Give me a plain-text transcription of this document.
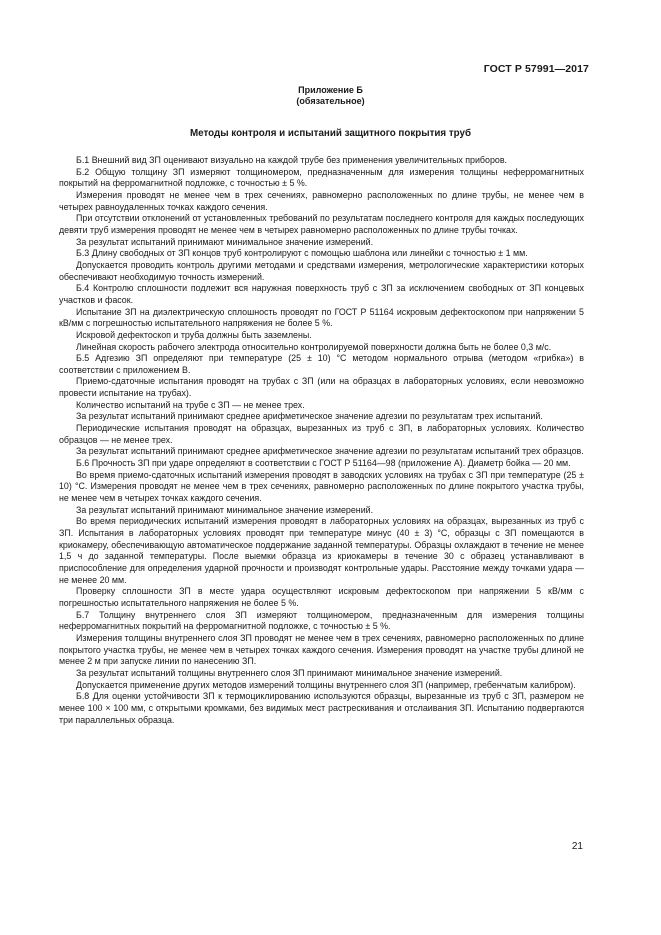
ГОСТ Р 57991—2017
Приложение Б
(обязательное)
Методы контроля и испытаний защитного покрытия труб

Б.1 Внешний вид ЗП оценивают визуально на каждой трубе без применения увеличительных приборов.

Б.2 Общую толщину ЗП измеряют толщиномером, предназначенным для измерения толщины неферромагнитных покрытий на ферромагнитной подложке, с точностью ± 5 %.

Измерения проводят не менее чем в трех сечениях, равномерно расположенных по длине трубы, не менее чем в четырех равноудаленных точках каждого сечения.

При отсутствии отклонений от установленных требований по результатам последнего контроля для каждых последующих девяти труб измерения проводят не менее чем в четырех равномерно расположенных по длине трубы точках.

За результат испытаний принимают минимальное значение измерений.

Б.3 Длину свободных от ЗП концов труб контролируют с помощью шаблона или линейки с точностью ± 1 мм.

Допускается проводить контроль другими методами и средствами измерения, метрологические характеристики которых обеспечивают необходимую точность измерений.

Б.4 Контролю сплошности подлежит вся наружная поверхность труб с ЗП за исключением свободных от ЗП концевых участков и фасок.

Испытание ЗП на диэлектрическую сплошность проводят по ГОСТ Р 51164 искровым дефектоскопом при напряжении 5 кВ/мм с погрешностью испытательного напряжения не более 5 %.

Искровой дефектоскоп и труба должны быть заземлены.

Линейная скорость рабочего электрода относительно контролируемой поверхности должна быть не более 0,3 м/с.

Б.5 Адгезию ЗП определяют при температуре (25 ± 10) °С методом нормального отрыва (методом «грибка») в соответствии с приложением В.

Приемо-сдаточные испытания проводят на трубах с ЗП (или на образцах в лабораторных условиях, если невозможно провести испытание на трубах).

Количество испытаний на трубе с ЗП — не менее трех.

За результат испытаний принимают среднее арифметическое значение адгезии по результатам трех испытаний.

Периодические испытания проводят на образцах, вырезанных из труб с ЗП, в лабораторных условиях. Количество образцов — не менее трех.

За результат испытаний принимают среднее арифметическое значение адгезии по результатам испытаний трех образцов.

Б.6 Прочность ЗП при ударе определяют в соответствии с ГОСТ Р 51164—98 (приложение А). Диаметр бойка — 20 мм.

Во время приемо-сдаточных испытаний измерения проводят в заводских условиях на трубах с ЗП при температуре (25 ± 10) °С. Измерения проводят не менее чем в трех сечениях, равномерно расположенных по длине покрытого участка трубы, не менее чем в четырех точках каждого сечения.

За результат испытаний принимают минимальное значение измерений.

Во время периодических испытаний измерения проводят в лабораторных условиях на образцах, вырезанных из труб с ЗП. Испытания в лабораторных условиях проводят при температуре минус (40 ± 3) °С, образцы с ЗП помещаются в криокамеру, обеспечивающую автоматическое поддержание заданной температуры. Образцы охлаждают в течение не менее 1,5 ч до заданной температуры. После выемки образца из криокамеры в течение 30 с образец устанавливают в приспособление для определения ударной прочности и производят контрольные удары. Расстояние между точками удара — не менее 20 мм.

Проверку сплошности ЗП в месте удара осуществляют искровым дефектоскопом при напряжении 5 кВ/мм с погрешностью испытательного напряжения не более 5 %.

Б.7 Толщину внутреннего слоя ЗП измеряют толщиномером, предназначенным для измерения толщины неферромагнитных покрытий на ферромагнитной подложке, с точностью ± 5 %.

Измерения толщины внутреннего слоя ЗП проводят не менее чем в трех сечениях, равномерно расположенных по длине покрытого участка трубы, не менее чем в четырех точках каждого сечения. Измерения проводят на участке трубы длиной не менее 2 м при запуске линии по нанесению ЗП.

За результат испытаний толщины внутреннего слоя ЗП принимают минимальное значение измерений.

Допускается применение других методов измерений толщины внутреннего слоя ЗП (например, гребенчатым калибром).

Б.8 Для оценки устойчивости ЗП к термоциклированию используются образцы, вырезанные из труб с ЗП, размером не менее 100 × 100 мм, с открытыми кромками, без видимых мест растрескивания и отслаивания ЗП. Испытанию подвергаются три параллельных образца.

21
